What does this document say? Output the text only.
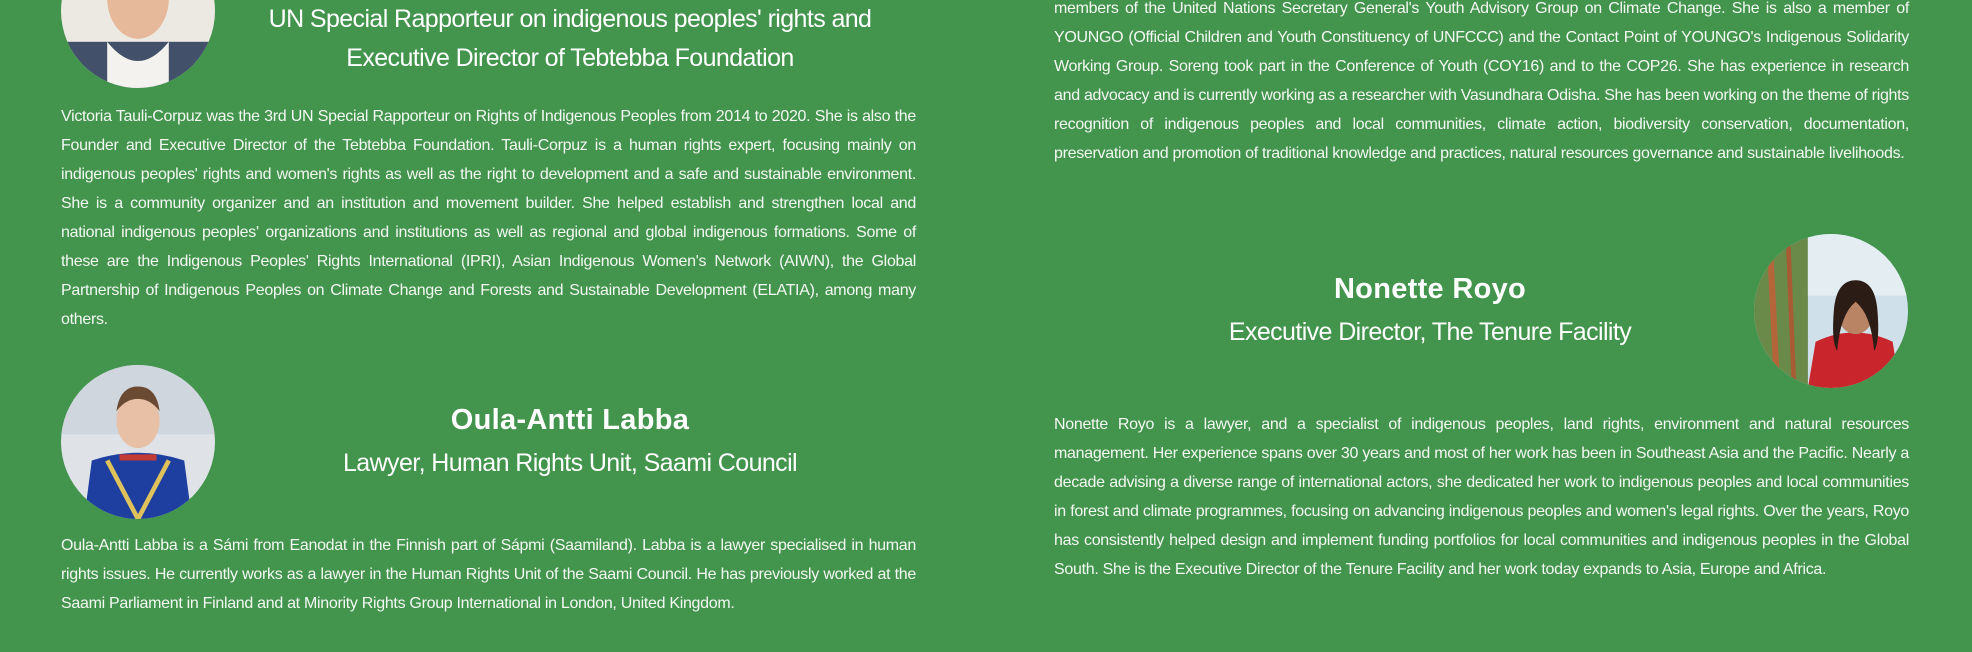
UN Special Rapporteur on indigenous peoples' rights and
Executive Director of Tebtebba Foundation

Victoria Tauli-Corpuz was the 3rd UN Special Rapporteur on Rights of Indigenous Peoples from 2014 to 2020. She is also the Founder and Executive Director of the Tebtebba Foundation. Tauli-Corpuz is a human rights expert, focusing mainly on indigenous peoples' rights and women's rights as well as the right to development and a safe and sustainable environment. She is a community organizer and an institution and movement builder. She helped establish and strengthen local and national indigenous peoples' organizations and institutions as well as regional and global indigenous formations. Some of these are the Indigenous Peoples' Rights International (IPRI), Asian Indigenous Women's Network (AIWN), the Global Partnership of Indigenous Peoples on Climate Change and Forests and Sustainable Development (ELATIA), among many others.

Oula-Antti Labba
Lawyer, Human Rights Unit, Saami Council

Oula-Antti Labba is a Sámi from Eanodat in the Finnish part of Sápmi (Saamiland). Labba is a lawyer specialised in human rights issues. He currently works as a lawyer in the Human Rights Unit of the Saami Council. He has previously worked at the Saami Parliament in Finland and at Minority Rights Group International in London, United Kingdom.

members of the United Nations Secretary General's Youth Advisory Group on Climate Change. She is also a member of YOUNGO (Official Children and Youth Constituency of UNFCCC) and the Contact Point of YOUNGO's Indigenous Solidarity Working Group. Soreng took part in the Conference of Youth (COY16) and to the COP26. She has experience in research and advocacy and is currently working as a researcher with Vasundhara Odisha. She has been working on the theme of rights recognition of indigenous peoples and local communities, climate action, biodiversity conservation, documentation, preservation and promotion of traditional knowledge and practices, natural resources governance and sustainable livelihoods.

Nonette Royo
Executive Director, The Tenure Facility

Nonette Royo is a lawyer, and a specialist of indigenous peoples, land rights, environment and natural resources management. Her experience spans over 30 years and most of her work has been in Southeast Asia and the Pacific. Nearly a decade advising a diverse range of international actors, she dedicated her work to indigenous peoples and local communities in forest and climate programmes, focusing on advancing indigenous peoples and women's legal rights. Over the years, Royo has consistently helped design and implement funding portfolios for local communities and indigenous peoples in the Global South. She is the Executive Director of the Tenure Facility and her work today expands to Asia, Europe and Africa.
